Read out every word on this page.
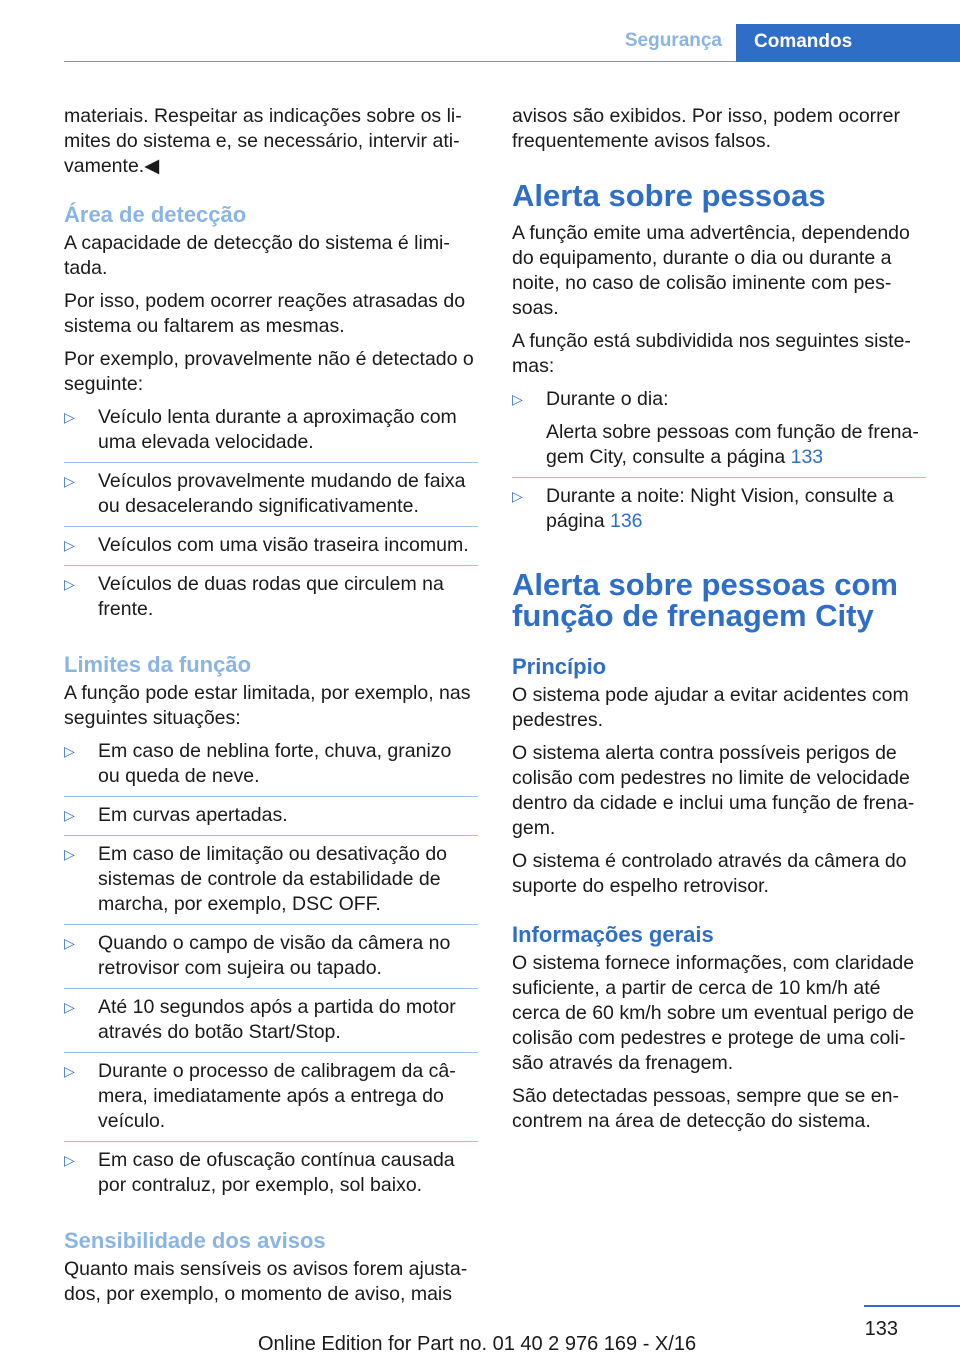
Segurança	Comandos

materiais. Respeitar as indicações sobre os limites do sistema e, se necessário, intervir ativamente.◀

Área de detecção

A capacidade de detecção do sistema é limitada.

Por isso, podem ocorrer reações atrasadas do sistema ou faltarem as mesmas.

Por exemplo, provavelmente não é detectado o seguinte:

▷ Veículo lenta durante a aproximação com uma elevada velocidade.
▷ Veículos provavelmente mudando de faixa ou desacelerando significativamente.
▷ Veículos com uma visão traseira incomum.
▷ Veículos de duas rodas que circulem na frente.
Limites da função

A função pode estar limitada, por exemplo, nas seguintes situações:

▷ Em caso de neblina forte, chuva, granizo ou queda de neve.
▷ Em curvas apertadas.
▷ Em caso de limitação ou desativação do sistemas de controle da estabilidade de marcha, por exemplo, DSC OFF.
▷ Quando o campo de visão da câmera no retrovisor com sujeira ou tapado.
▷ Até 10 segundos após a partida do motor através do botão Start/Stop.
▷ Durante o processo de calibragem da câmera, imediatamente após a entrega do veículo.
▷ Em caso de ofuscação contínua causada por contraluz, por exemplo, sol baixo.
Sensibilidade dos avisos

Quanto mais sensíveis os avisos forem ajustados, por exemplo, o momento de aviso, mais

avisos são exibidos. Por isso, podem ocorrer frequentemente avisos falsos.

Alerta sobre pessoas

A função emite uma advertência, dependendo do equipamento, durante o dia ou durante a noite, no caso de colisão iminente com pessoas.

A função está subdividida nos seguintes sistemas:

▷ Durante o dia:
Alerta sobre pessoas com função de frenagem City, consulte a página 133
▷ Durante a noite: Night Vision, consulte a página 136
Alerta sobre pessoas com função de frenagem City
Princípio

O sistema pode ajudar a evitar acidentes com pedestres.

O sistema alerta contra possíveis perigos de colisão com pedestres no limite de velocidade dentro da cidade e inclui uma função de frenagem.

O sistema é controlado através da câmera do suporte do espelho retrovisor.

Informações gerais

O sistema fornece informações, com claridade suficiente, a partir de cerca de 10 km/h até cerca de 60 km/h sobre um eventual perigo de colisão com pedestres e protege de uma colisão através da frenagem.

São detectadas pessoas, sempre que se encontrem na área de detecção do sistema.

133
Online Edition for Part no. 01 40 2 976 169 - X/16
